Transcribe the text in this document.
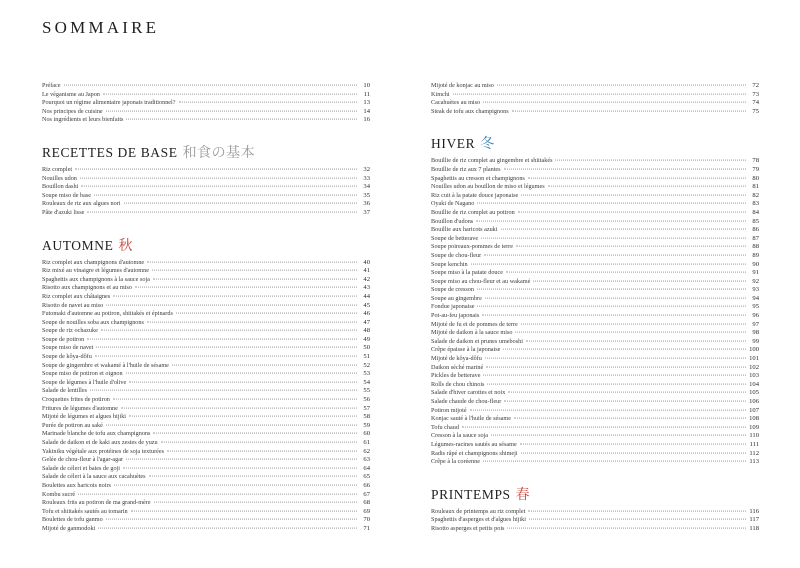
SOMMAIRE
Préface	10
Le véganisme au Japon	11
Pourquoi un régime alimentaire japonais traditionnel?	13
Nos principes de cuisine	14
Nos ingrédients et leurs bienfaits	16
RECETTES DE BASE 和食の基本
Riz complet	32
Nouilles udon	33
Bouillon dashi	34
Soupe miso de base	35
Rouleaux de riz aux algues nori	36
Pâte d'azuki lisse	37
AUTOMNE 秋
Riz complet aux champignons d'automne	40
Riz mixé au vinaigre et légumes d'automne	41
Spaghettis aux champignons à la sauce soja	42
Risotto aux champignons et au miso	43
Riz complet aux châtaignes	44
Risotto de navet au miso	45
Futomaki d'automne au potiron, shiitakés et épinards	46
Soupe de nouilles soba aux champignons	47
Soupe de riz ochazuke	48
Soupe de potiron	49
Soupe miso de navet	50
Soupe de kôya-dôfu	51
Soupe de gingembre et wakamé à l'huile de sésame	52
Soupe miso de potiron et oignon	53
Soupe de légumes à l'huile d'olive	54
Salade de lentilles	55
Croquettes frites de potiron	56
Fritures de légumes d'automne	57
Mijoté de légumes et algues hijiki	58
Purée de potiron au saké	59
Marinade blanche de tofu aux champignons	60
Salade de daikon et de kaki aux zestes de yuzu	61
Yakiniku végétale aux protéines de soja texturées	62
Gelée de chou-fleur à l'agar-agar	63
Salade de céleri et baies de goji	64
Salade de céleri à la sauce aux cacahuètes	65
Boulettes aux haricots noirs	66
Kombu sucré	67
Rouleaux frits au potiron de ma grand-mère	68
Tofu et shiitakés sautés au tomarin	69
Boulettes de tofu ganmo	70
Mijoté de ganmodoki	71
Mijoté de konjac au miso	72
Kimchi	73
Cacahuètes au miso	74
Steak de tofu aux champignons	75
HIVER 冬
Bouillie de riz complet au gingembre et shiitakés	78
Bouillie de riz aux 7 plantes	79
Spaghettis au cresson et champignons	80
Nouilles udon au bouillon de miso et légumes	81
Riz cuit à la patate douce japonaise	82
Oyaki de Nagano	83
Bouillie de riz complet au potiron	84
Bouillon d'udons	85
Bouillie aux haricots azuki	86
Soupe de betterave	87
Soupe poireaux-pommes de terre	88
Soupe de chou-fleur	89
Soupe kenchin	90
Soupe miso à la patate douce	91
Soupe miso au chou-fleur et au wakamé	92
Soupe de cresson	93
Soupe au gingembre	94
Fondue japonaise	95
Pot-au-feu japonais	96
Mijoté de fu et de pommes de terre	97
Mijoté de daikon à la sauce miso	98
Salade de daikon et prunes umeboshi	99
Crêpe épaisse à la japonaise	100
Mijoté de kôya-dôfu	101
Daikon séché mariné	102
Pickles de betterave	103
Rolls de chou chinois	104
Salade d'hiver carottes et noix	105
Salade chaude de chou-fleur	106
Potiron mijoté	107
Konjac sauté à l'huile de sésame	108
Tofu chaud	109
Cresson à la sauce soja	110
Légumes-racines sautés au sésame	111
Radis râpé et champignons shimeji	112
Crêpe à la coréenne	113
PRINTEMPS 春
Rouleaux de printemps au riz complet	116
Spaghettis d'asperges et d'algues hijiki	117
Risotto asperges et petits pois	118
